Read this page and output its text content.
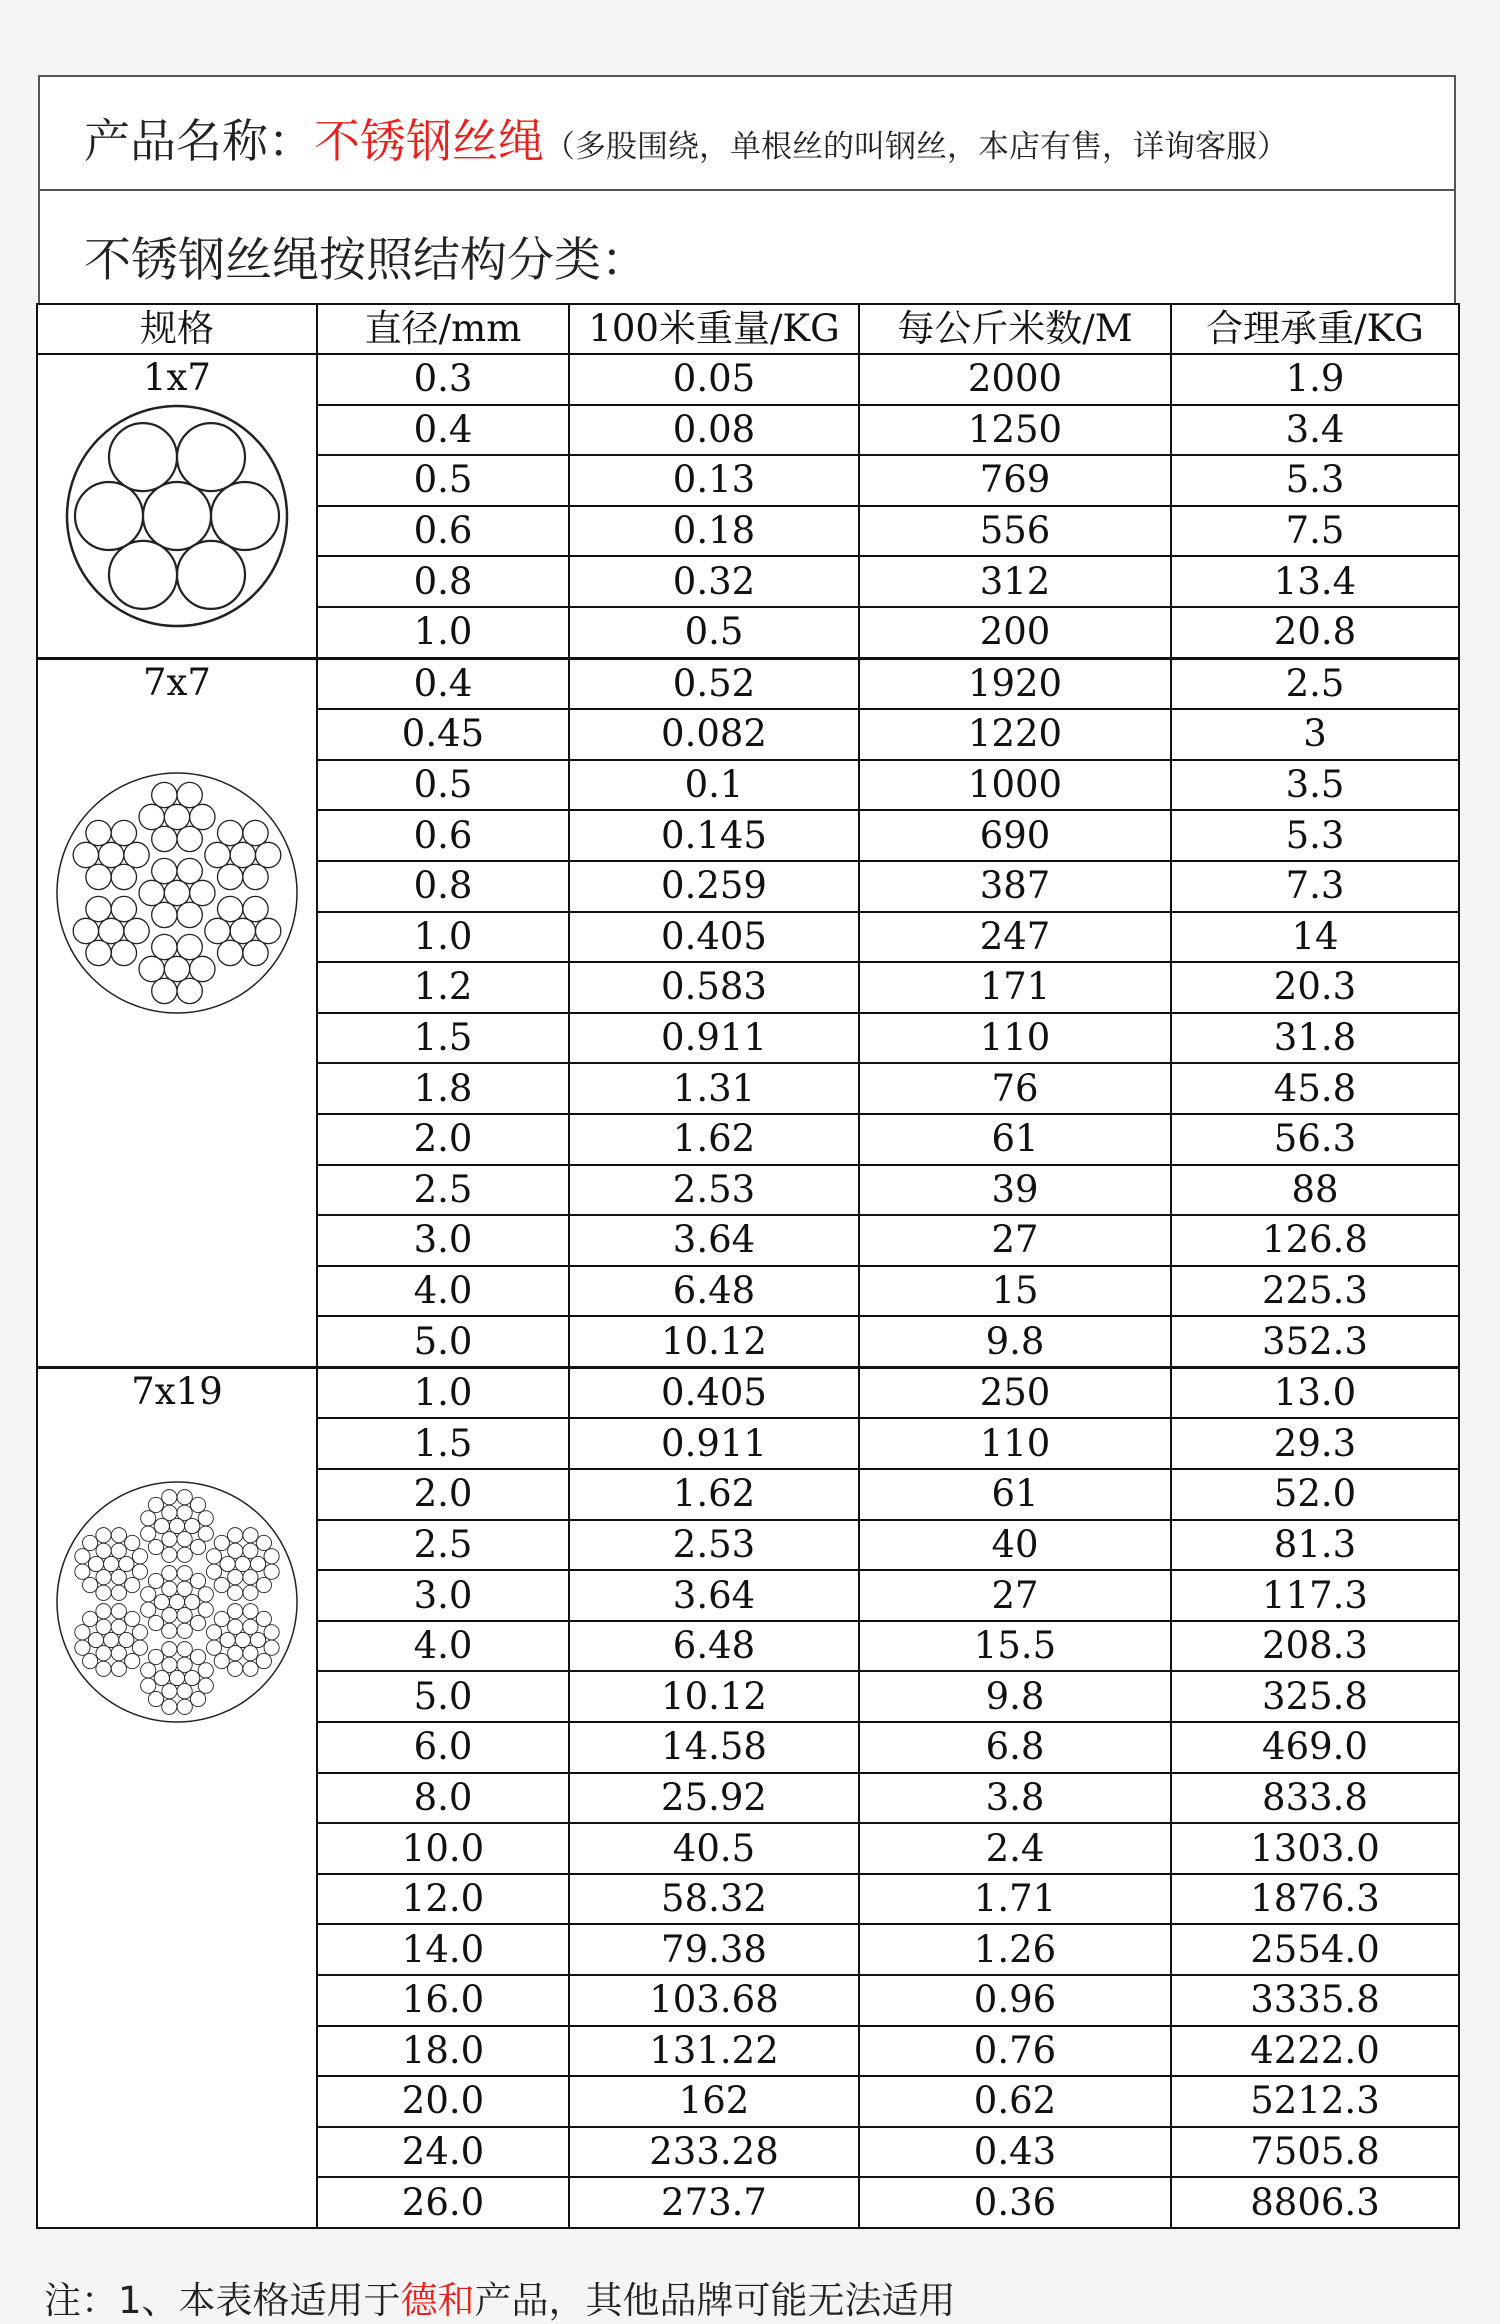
产品名称：不锈钢丝绳（多股围绕，单根丝的叫钢丝，本店有售，详询客服）
不锈钢丝绳按照结构分类：
规格	直径/mm	100米重量/KG	每公斤米数/M	合理承重/KG

1x7	0.3	0.05	2000	1.9
	0.4	0.08	1250	3.4
	0.5	0.13	769	5.3
	0.6	0.18	556	7.5
	0.8	0.32	312	13.4
	1.0	0.5	200	20.8

7x7	0.4	0.52	1920	2.5
	0.45	0.082	1220	3
	0.5	0.1	1000	3.5
	0.6	0.145	690	5.3
	0.8	0.259	387	7.3
	1.0	0.405	247	14
	1.2	0.583	171	20.3
	1.5	0.911	110	31.8
	1.8	1.31	76	45.8
	2.0	1.62	61	56.3
	2.5	2.53	39	88
	3.0	3.64	27	126.8
	4.0	6.48	15	225.3
	5.0	10.12	9.8	352.3

7x19	1.0	0.405	250	13.0
	1.5	0.911	110	29.3
	2.0	1.62	61	52.0
	2.5	2.53	40	81.3
	3.0	3.64	27	117.3
	4.0	6.48	15.5	208.3
	5.0	10.12	9.8	325.8
	6.0	14.58	6.8	469.0
	8.0	25.92	3.8	833.8
	10.0	40.5	2.4	1303.0
	12.0	58.32	1.71	1876.3
	14.0	79.38	1.26	2554.0
	16.0	103.68	0.96	3335.8
	18.0	131.22	0.76	4222.0
	20.0	162	0.62	5212.3
	24.0	233.28	0.43	7505.8
	26.0	273.7	0.36	8806.3
注：1、本表格适用于德和产品，其他品牌可能无法适用
